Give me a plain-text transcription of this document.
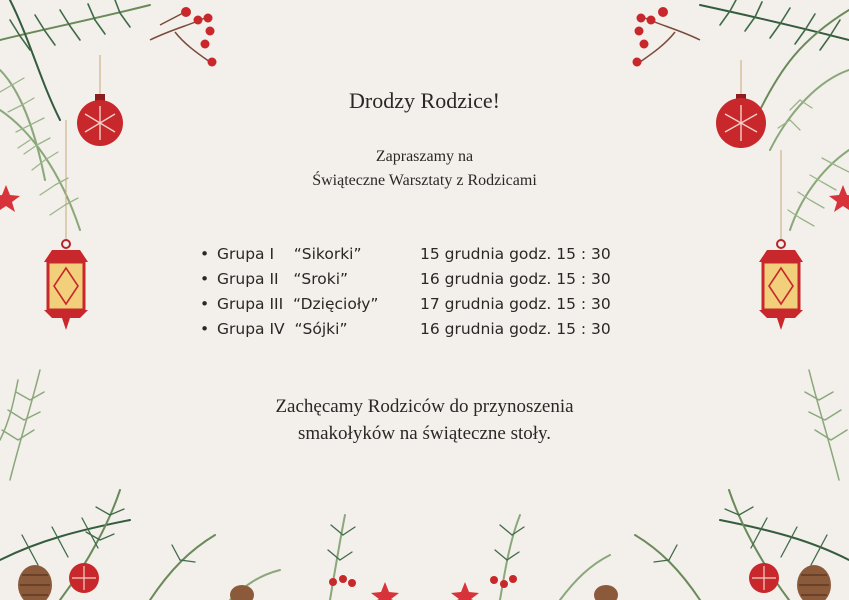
Drodzy Rodzice!
Zapraszamy na
Świąteczne Warsztaty z Rodzicami

•

Grupa I    “Sikorki”

	15 grudnia godz. 15 : 30

•

Grupa II   “Sroki”

	16 grudnia godz. 15 : 30

•

Grupa III  “Dzięcioły”

	17 grudnia godz. 15 : 30

•

Grupa IV  “Sójki”

	16 grudnia godz. 15 : 30

Zachęcamy Rodziców do przynoszenia
smakołyków na świąteczne stoły.
